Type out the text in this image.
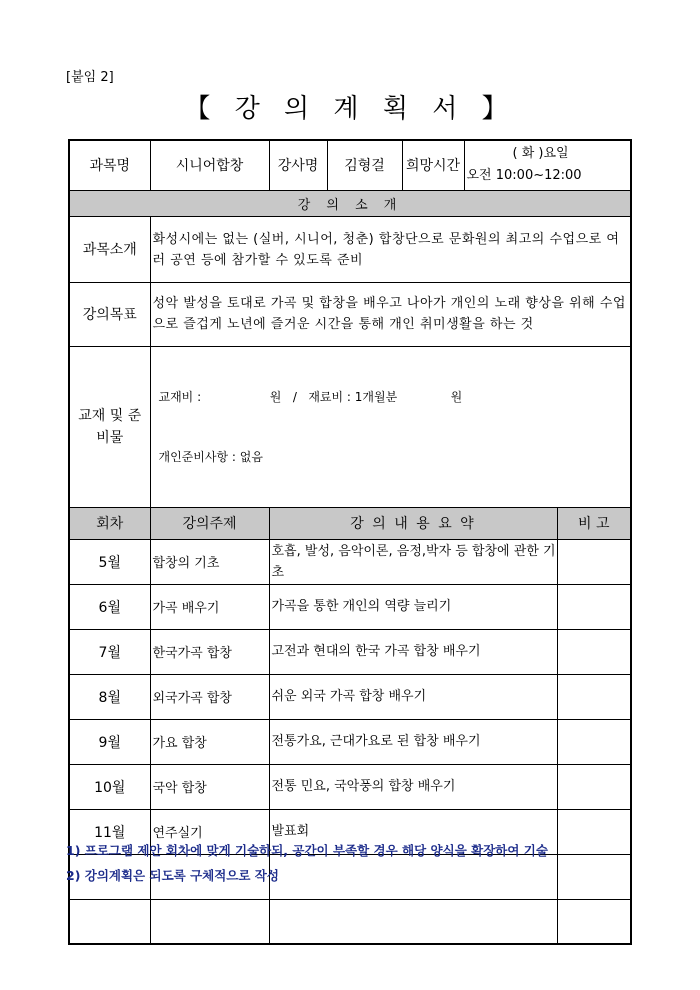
[붙임 2]
【 강 의 계 획 서 】
과목명	시니어합창	강사명	김형걸	희망시간	( 화 )요일
오전 10:00~12:00	

강 의 소 개						
과목소개	화성시에는 없는 (실버, 시니어, 청춘) 합창단으로 문화원의 최고의 수업으로 여러 공연 등에 참가할 수 있도록 준비					
강의목표	성악 발성을 토대로 가곡 및 합창을 배우고 나아가 개인의 노래 향상을 위해 수업으로 즐겁게 노년에 즐거운 시간을 통해 개인 취미생활을 하는 것					
교재 및 준비물	교재비 :                  원   /   재료비 : 1개월분              원

개인준비사항 : 없음					

회차	강의주제	강 의 내 용 요 약				비 고
5월	합창의 기초	호흡, 발성, 음악이론, 음정,박자 등 합창에 관한 기초				
6월	가곡 배우기	가곡을 통한 개인의 역량 늘리기				
7월	한국가곡 합창	고전과 현대의 한국 가곡 합창 배우기				
8월	외국가곡 합창	쉬운 외국 가곡 합창 배우기				
9월	가요 합창	전통가요, 근대가요로 된 합창 배우기				
10월	국악 합창	전통 민요, 국악풍의 합창 배우기				
11월	연주실기	발표회				

1) 프로그램 제안 회차에 맞게 기술하되, 공간이 부족할 경우 해당 양식을 확장하여 기술
2) 강의계획은 되도록 구체적으로 작성
